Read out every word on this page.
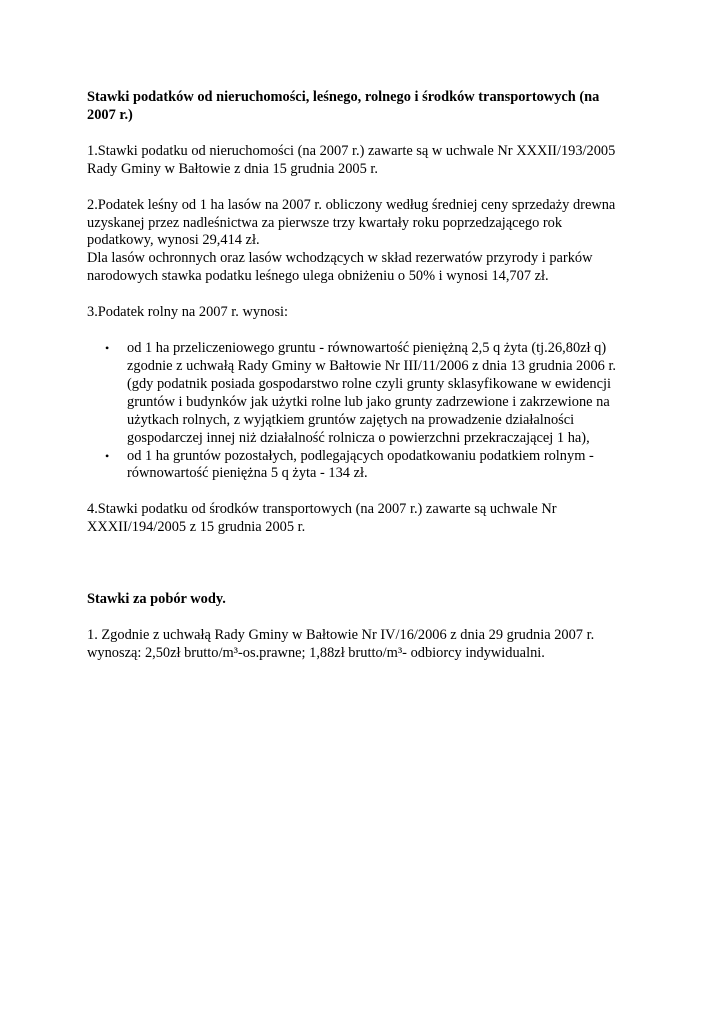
Stawki podatków od nieruchomości, leśnego, rolnego i środków transportowych (na
2007 r.)
1.Stawki podatku od nieruchomości (na 2007 r.) zawarte są w uchwale Nr XXXII/193/2005
Rady Gminy w Bałtowie z dnia 15 grudnia 2005 r.
2.Podatek leśny od 1 ha lasów na 2007 r. obliczony według średniej ceny sprzedaży drewna
uzyskanej przez nadleśnictwa za pierwsze trzy kwartały roku poprzedzającego rok
podatkowy, wynosi 29,414 zł.
Dla lasów ochronnych oraz lasów wchodzących w skład rezerwatów przyrody i parków
narodowych stawka podatku leśnego ulega obniżeniu o 50% i wynosi 14,707 zł.
3.Podatek rolny na 2007 r. wynosi:
• od 1 ha przeliczeniowego gruntu - równowartość pieniężną 2,5 q żyta (tj.26,80zł q)
zgodnie z uchwałą Rady Gminy w Bałtowie Nr III/11/2006 z dnia 13 grudnia 2006 r.
(gdy podatnik posiada gospodarstwo rolne czyli grunty sklasyfikowane w ewidencji
gruntów i budynków jak użytki rolne lub jako grunty zadrzewione i zakrzewione na
użytkach rolnych, z wyjątkiem gruntów zajętych na prowadzenie działalności
gospodarczej innej niż działalność rolnicza o powierzchni przekraczającej 1 ha),
• od 1 ha gruntów pozostałych, podlegających opodatkowaniu podatkiem rolnym -
równowartość pieniężna 5 q żyta - 134 zł.
4.Stawki podatku od środków transportowych (na 2007 r.) zawarte są uchwale Nr
XXXII/194/2005 z 15 grudnia 2005 r.
Stawki za pobór wody.
1. Zgodnie z uchwałą Rady Gminy w Bałtowie Nr IV/16/2006 z dnia 29 grudnia 2007 r.
wynoszą: 2,50zł brutto/m³-os.prawne; 1,88zł brutto/m³- odbiorcy indywidualni.
